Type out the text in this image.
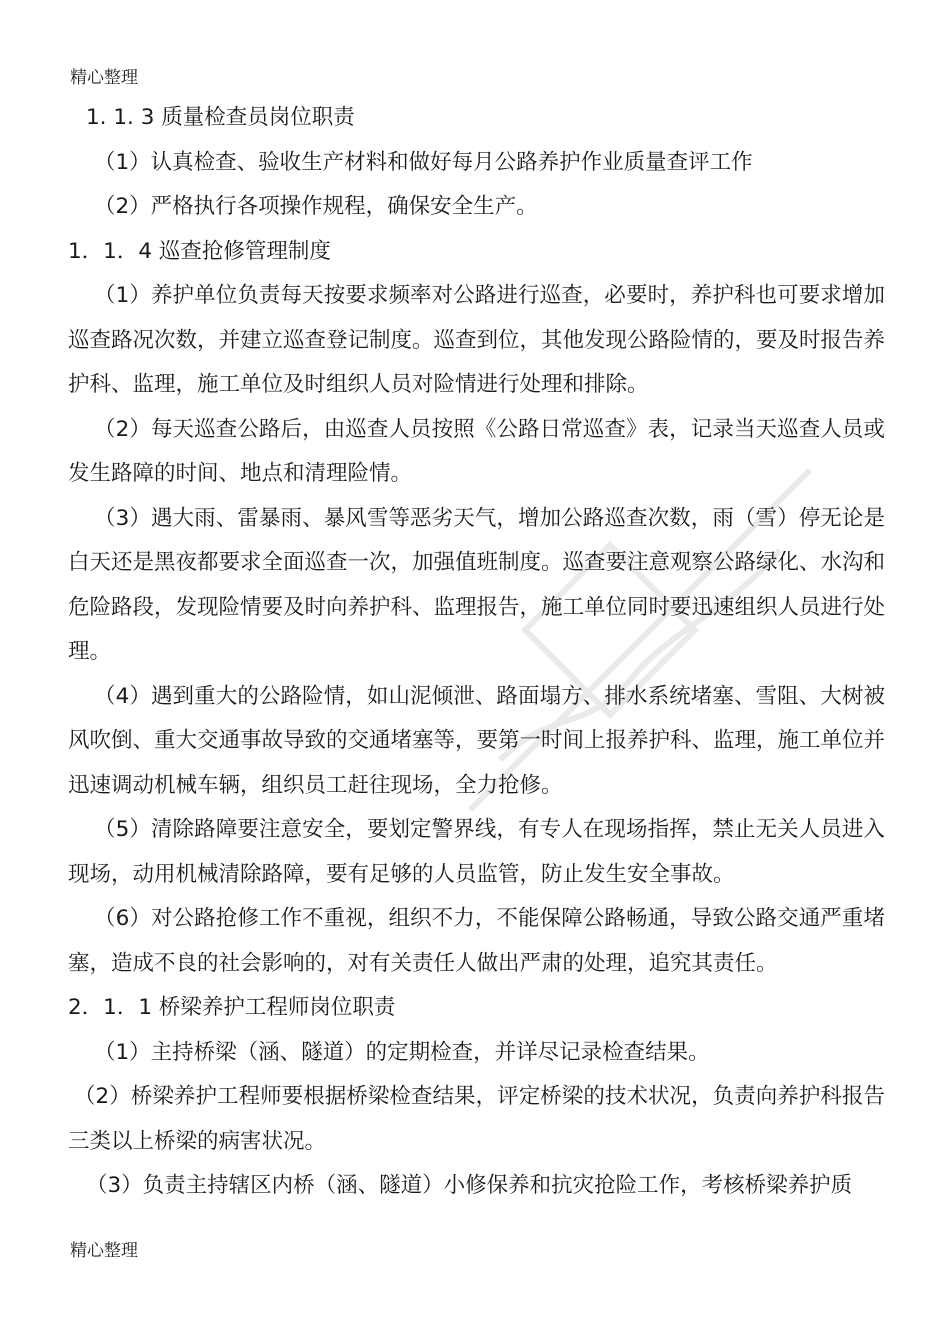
精心整理

1. 1. 3 质量检查员岗位职责

（1）认真检查、验收生产材料和做好每月公路养护作业质量查评工作

（2）严格执行各项操作规程，确保安全生产。

1．1．4 巡查抢修管理制度

（1）养护单位负责每天按要求频率对公路进行巡查，必要时，养护科也可要求增加巡查路况次数，并建立巡查登记制度。巡查到位，其他发现公路险情的，要及时报告养护科、监理，施工单位及时组织人员对险情进行处理和排除。

（2）每天巡查公路后，由巡查人员按照《公路日常巡查》表，记录当天巡查人员或发生路障的时间、地点和清理险情。

（3）遇大雨、雷暴雨、暴风雪等恶劣天气，增加公路巡查次数，雨（雪）停无论是白天还是黑夜都要求全面巡查一次，加强值班制度。巡查要注意观察公路绿化、水沟和危险路段，发现险情要及时向养护科、监理报告，施工单位同时要迅速组织人员进行处理。

（4）遇到重大的公路险情，如山泥倾泄、路面塌方、排水系统堵塞、雪阻、大树被风吹倒、重大交通事故导致的交通堵塞等，要第一时间上报养护科、监理，施工单位并迅速调动机械车辆，组织员工赶往现场，全力抢修。

（5）清除路障要注意安全，要划定警界线，有专人在现场指挥，禁止无关人员进入现场，动用机械清除路障，要有足够的人员监管，防止发生安全事故。

（6）对公路抢修工作不重视，组织不力，不能保障公路畅通，导致公路交通严重堵塞，造成不良的社会影响的，对有关责任人做出严肃的处理，追究其责任。

2．1．1 桥梁养护工程师岗位职责

（1）主持桥梁（涵、隧道）的定期检查，并详尽记录检查结果。

（2）桥梁养护工程师要根据桥梁检查结果，评定桥梁的技术状况，负责向养护科报告三类以上桥梁的病害状况。

（3）负责主持辖区内桥（涵、隧道）小修保养和抗灾抢险工作，考核桥梁养护质

精心整理
